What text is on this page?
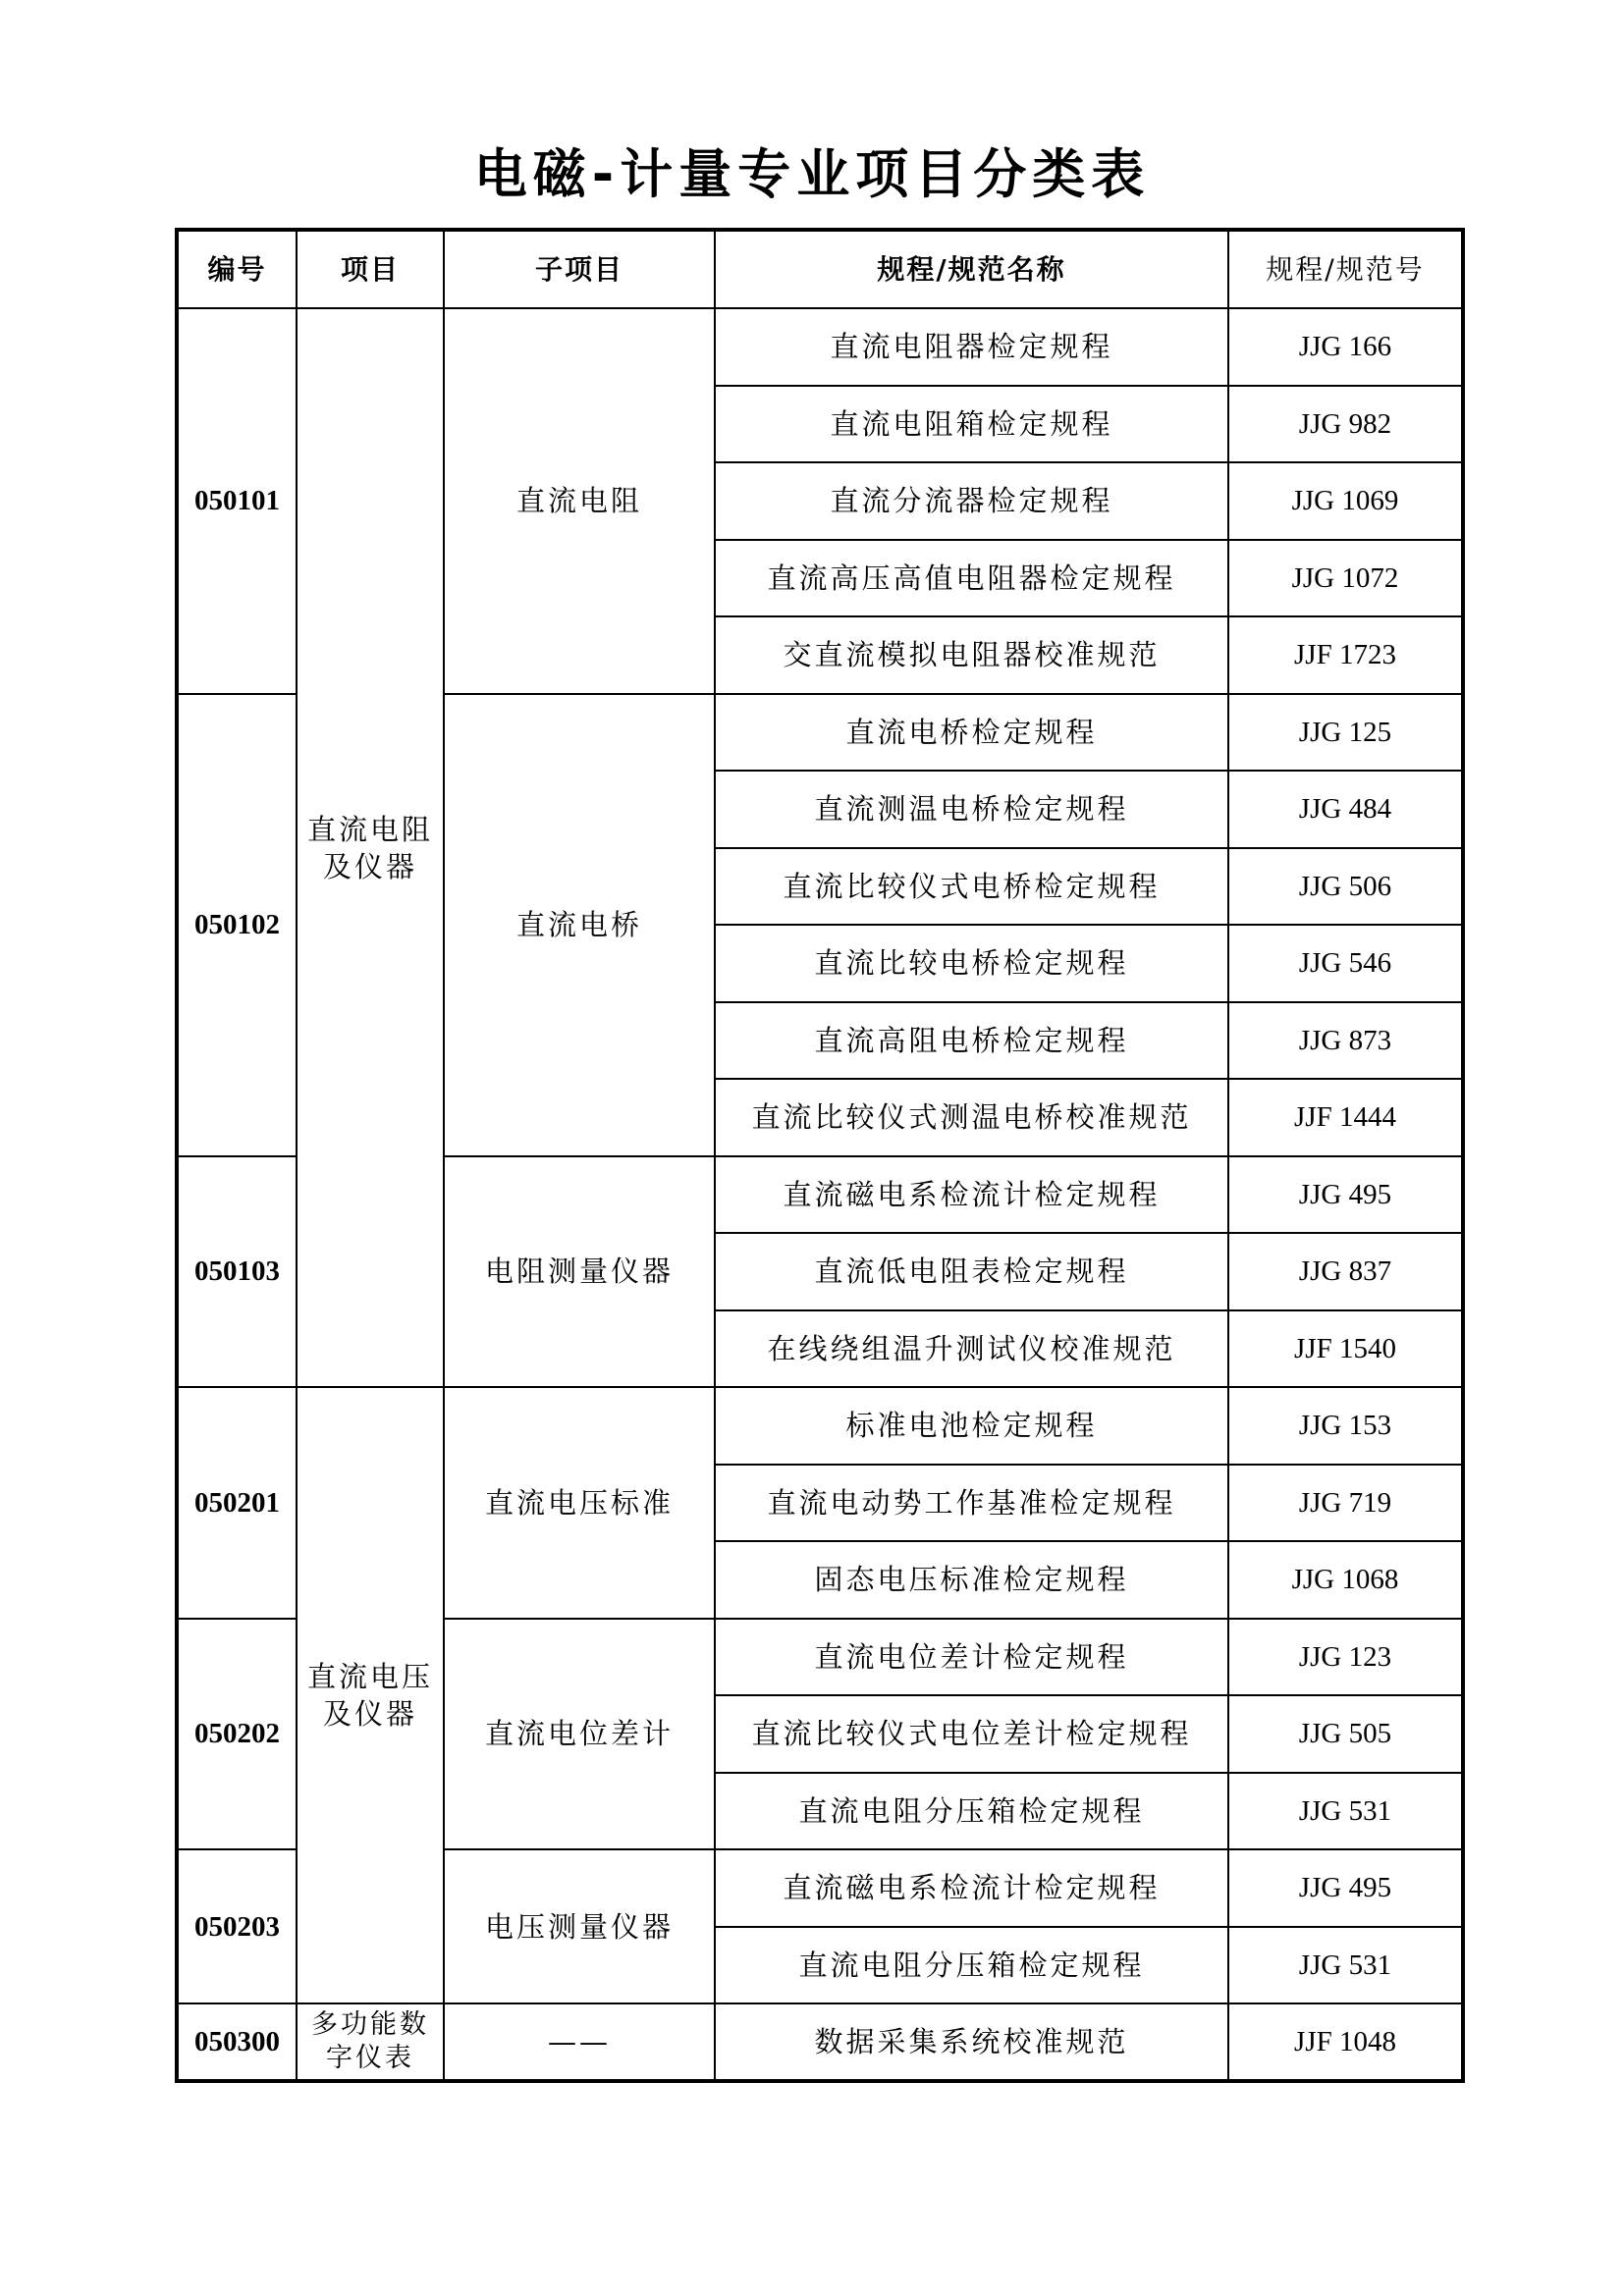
电磁-计量专业项目分类表
编号	项目	子项目	规程/规范名称	规程/规范号
050101	直流电阻及仪器	直流电阻	直流电阻器检定规程	JJG 166
			直流电阻箱检定规程	JJG 982
			直流分流器检定规程	JJG 1069
			直流高压高值电阻器检定规程	JJG 1072
			交直流模拟电阻器校准规范	JJF 1723
050102		直流电桥	直流电桥检定规程	JJG 125
			直流测温电桥检定规程	JJG 484
			直流比较仪式电桥检定规程	JJG 506
			直流比较电桥检定规程	JJG 546
			直流高阻电桥检定规程	JJG 873
			直流比较仪式测温电桥校准规范	JJF 1444
050103		电阻测量仪器	直流磁电系检流计检定规程	JJG 495
			直流低电阻表检定规程	JJG 837
			在线绕组温升测试仪校准规范	JJF 1540
050201	直流电压及仪器	直流电压标准	标准电池检定规程	JJG 153
			直流电动势工作基准检定规程	JJG 719
			固态电压标准检定规程	JJG 1068
050202		直流电位差计	直流电位差计检定规程	JJG 123
			直流比较仪式电位差计检定规程	JJG 505
			直流电阻分压箱检定规程	JJG 531
050203		电压测量仪器	直流磁电系检流计检定规程	JJG 495
			直流电阻分压箱检定规程	JJG 531
050300	多功能数字仪表	——	数据采集系统校准规范	JJF 1048
